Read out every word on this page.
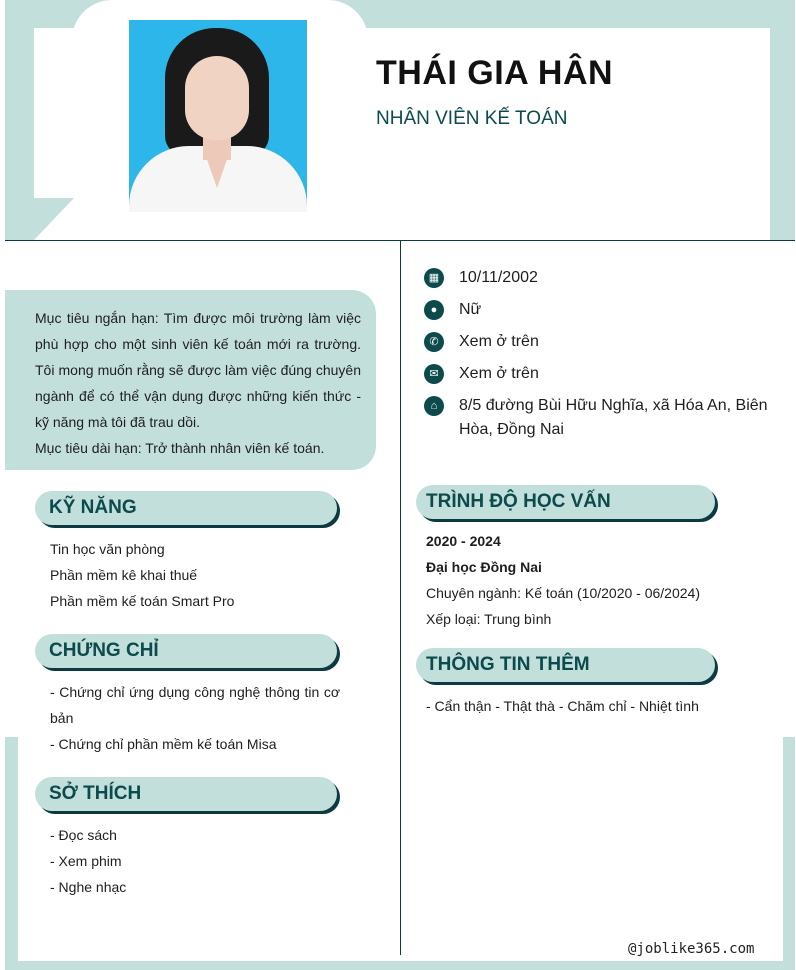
THÁI GIA HÂN
NHÂN VIÊN KẾ TOÁN
▦ 10/11/2002
●	Nữ
✆	Xem ở trên
✉	Xem ở trên
⌂	8/5 đường Bùi Hữu Nghĩa, xã Hóa An, Biên Hòa, Đồng Nai
Mục tiêu ngắn hạn: Tìm được môi trường làm việc phù hợp cho một sinh viên kế toán mới ra trường. Tôi mong muốn rằng sẽ được làm việc đúng chuyên ngành để có thể vận dụng được những kiến thức - kỹ năng mà tôi đã trau dồi.
Mục tiêu dài hạn: Trở thành nhân viên kế toán.
KỸ NĂNG
Tin học văn phòng
Phần mềm kê khai thuế
Phần mềm kế toán Smart Pro
CHỨNG CHỈ
- Chứng chỉ ứng dụng công nghệ thông tin cơ bản
- Chứng chỉ phần mềm kế toán Misa
SỞ THÍCH
- Đọc sách
- Xem phim
- Nghe nhạc
TRÌNH ĐỘ HỌC VẤN
2020 - 2024
Đại học Đồng Nai
Chuyên ngành: Kế toán (10/2020 - 06/2024)
Xếp loại: Trung bình
THÔNG TIN THÊM
- Cẩn thận - Thật thà - Chăm chỉ - Nhiệt tình
@joblike365.com
